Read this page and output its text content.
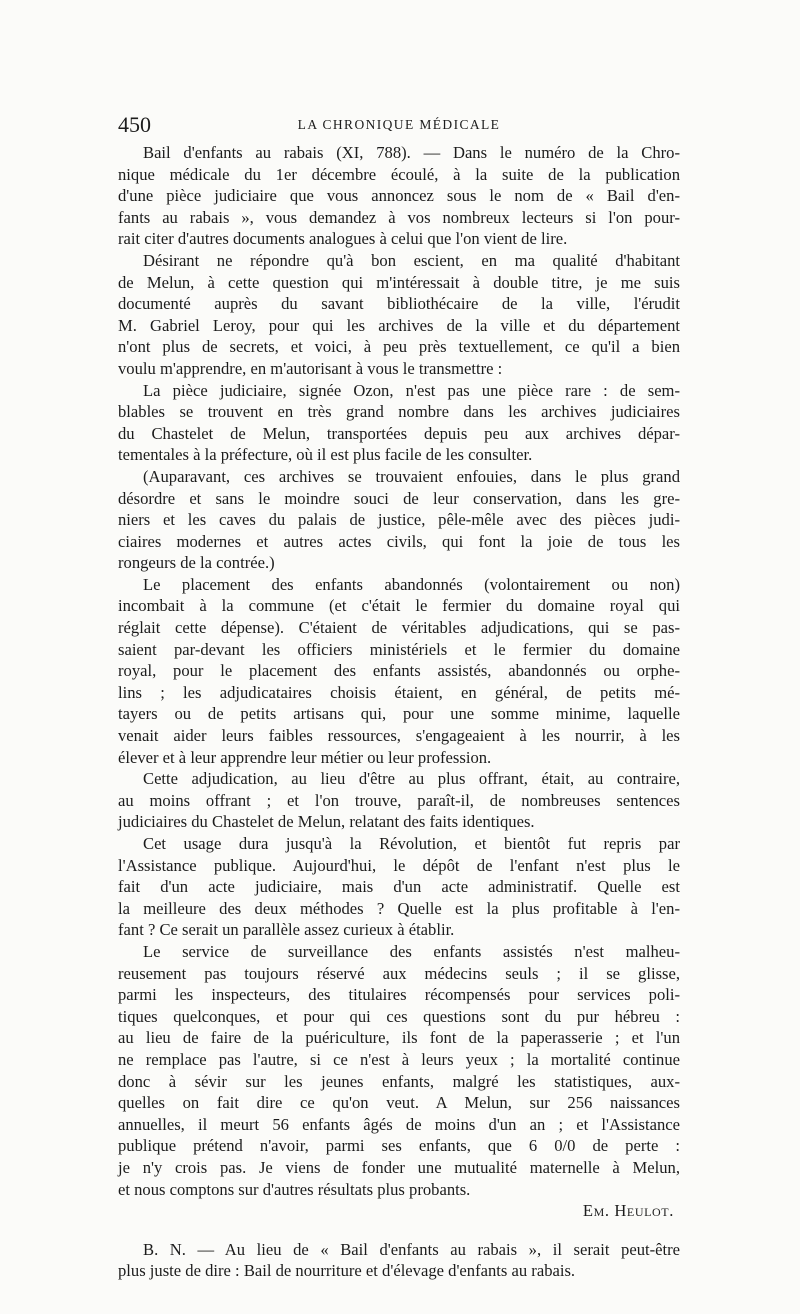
450	LA CHRONIQUE MÉDICALE
Bail d'enfants au rabais (XI, 788). — Dans le numéro de la Chro-
nique médicale du 1er décembre écoulé, à la suite de la publication
d'une pièce judiciaire que vous annoncez sous le nom de « Bail d'en-
fants au rabais », vous demandez à vos nombreux lecteurs si l'on pour-
rait citer d'autres documents analogues à celui que l'on vient de lire.
Désirant ne répondre qu'à bon escient, en ma qualité d'habitant
de Melun, à cette question qui m'intéressait à double titre, je me suis
documenté auprès du savant bibliothécaire de la ville, l'érudit
M. Gabriel Leroy, pour qui les archives de la ville et du département
n'ont plus de secrets, et voici, à peu près textuellement, ce qu'il a bien
voulu m'apprendre, en m'autorisant à vous le transmettre :
La pièce judiciaire, signée Ozon, n'est pas une pièce rare : de sem-
blables se trouvent en très grand nombre dans les archives judiciaires
du Chastelet de Melun, transportées depuis peu aux archives dépar-
tementales à la préfecture, où il est plus facile de les consulter.
(Auparavant, ces archives se trouvaient enfouies, dans le plus grand
désordre et sans le moindre souci de leur conservation, dans les gre-
niers et les caves du palais de justice, pêle-mêle avec des pièces judi-
ciaires modernes et autres actes civils, qui font la joie de tous les
rongeurs de la contrée.)
Le placement des enfants abandonnés (volontairement ou non)
incombait à la commune (et c'était le fermier du domaine royal qui
réglait cette dépense). C'étaient de véritables adjudications, qui se pas-
saient par-devant les officiers ministériels et le fermier du domaine
royal, pour le placement des enfants assistés, abandonnés ou orphe-
lins ; les adjudicataires choisis étaient, en général, de petits mé-
tayers ou de petits artisans qui, pour une somme minime, laquelle
venait aider leurs faibles ressources, s'engageaient à les nourrir, à les
élever et à leur apprendre leur métier ou leur profession.
Cette adjudication, au lieu d'être au plus offrant, était, au contraire,
au moins offrant ; et l'on trouve, paraît-il, de nombreuses sentences
judiciaires du Chastelet de Melun, relatant des faits identiques.
Cet usage dura jusqu'à la Révolution, et bientôt fut repris par
l'Assistance publique. Aujourd'hui, le dépôt de l'enfant n'est plus le
fait d'un acte judiciaire, mais d'un acte administratif. Quelle est
la meilleure des deux méthodes ? Quelle est la plus profitable à l'en-
fant ? Ce serait un parallèle assez curieux à établir.
Le service de surveillance des enfants assistés n'est malheu-
reusement pas toujours réservé aux médecins seuls ; il se glisse,
parmi les inspecteurs, des titulaires récompensés pour services poli-
tiques quelconques, et pour qui ces questions sont du pur hébreu :
au lieu de faire de la puériculture, ils font de la paperasserie ; et l'un
ne remplace pas l'autre, si ce n'est à leurs yeux ; la mortalité continue
donc à sévir sur les jeunes enfants, malgré les statistiques, aux-
quelles on fait dire ce qu'on veut. A Melun, sur 256 naissances
annuelles, il meurt 56 enfants âgés de moins d'un an ; et l'Assistance
publique prétend n'avoir, parmi ses enfants, que 6 0/0 de perte :
je n'y crois pas. Je viens de fonder une mutualité maternelle à Melun,
et nous comptons sur d'autres résultats plus probants.
Em. Heulot.
B. N. — Au lieu de « Bail d'enfants au rabais », il serait peut-être
plus juste de dire : Bail de nourriture et d'élevage d'enfants au rabais.
